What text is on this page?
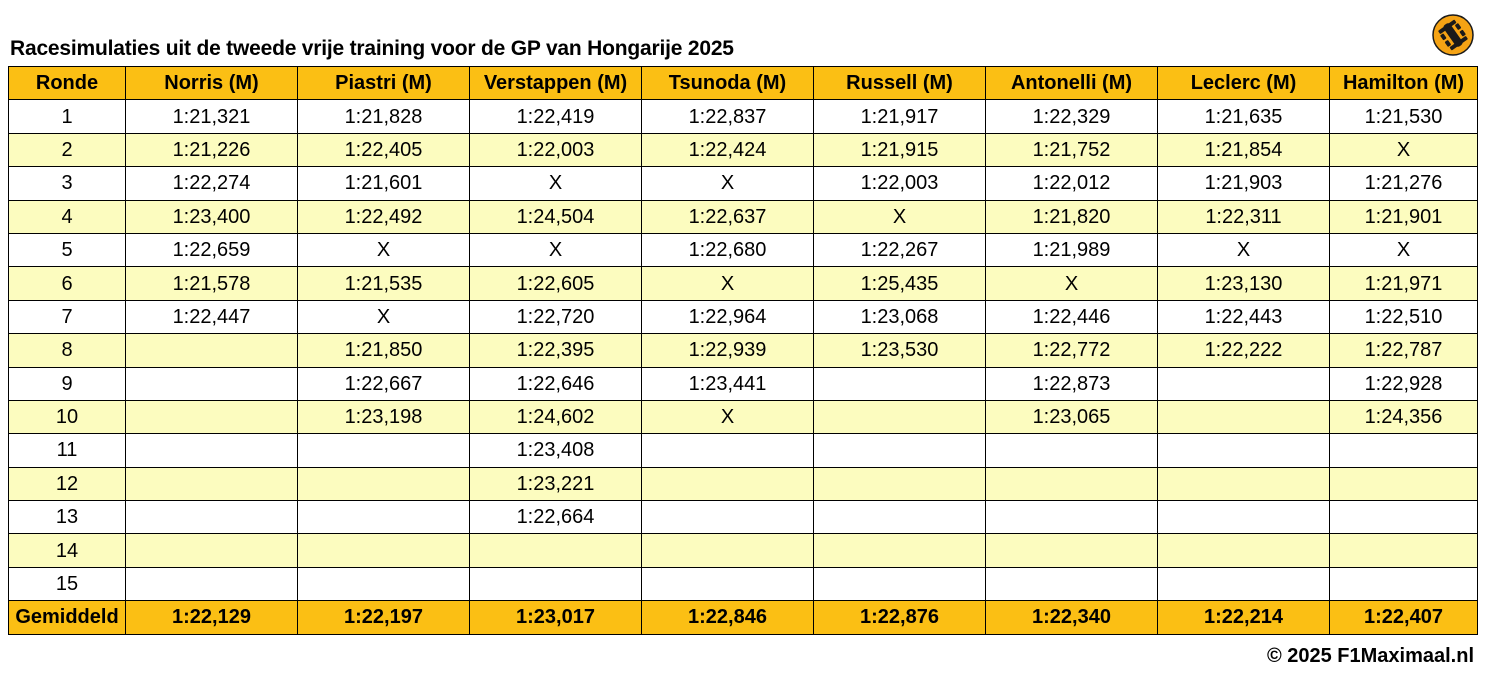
Racesimulaties uit de tweede vrije training voor de GP van Hongarije 2025
Ronde	Norris (M)	Piastri (M)	Verstappen (M)	Tsunoda (M)	Russell (M)	Antonelli (M)	Leclerc (M)	Hamilton (M)
1	1:21,321	1:21,828	1:22,419	1:22,837	1:21,917	1:22,329	1:21,635	1:21,530
2	1:21,226	1:22,405	1:22,003	1:22,424	1:21,915	1:21,752	1:21,854	X
3	1:22,274	1:21,601	X	X	1:22,003	1:22,012	1:21,903	1:21,276
4	1:23,400	1:22,492	1:24,504	1:22,637	X	1:21,820	1:22,311	1:21,901
5	1:22,659	X	X	1:22,680	1:22,267	1:21,989	X	X
6	1:21,578	1:21,535	1:22,605	X	1:25,435	X	1:23,130	1:21,971
7	1:22,447	X	1:22,720	1:22,964	1:23,068	1:22,446	1:22,443	1:22,510
8		1:21,850	1:22,395	1:22,939	1:23,530	1:22,772	1:22,222	1:22,787
9		1:22,667	1:22,646	1:23,441		1:22,873		1:22,928
10		1:23,198	1:24,602	X		1:23,065		1:24,356
11			1:23,408					
12			1:23,221					
13			1:22,664					
14								
15								
Gemiddeld	1:22,129	1:22,197	1:23,017	1:22,846	1:22,876	1:22,340	1:22,214	1:22,407
© 2025 F1Maximaal.nl
